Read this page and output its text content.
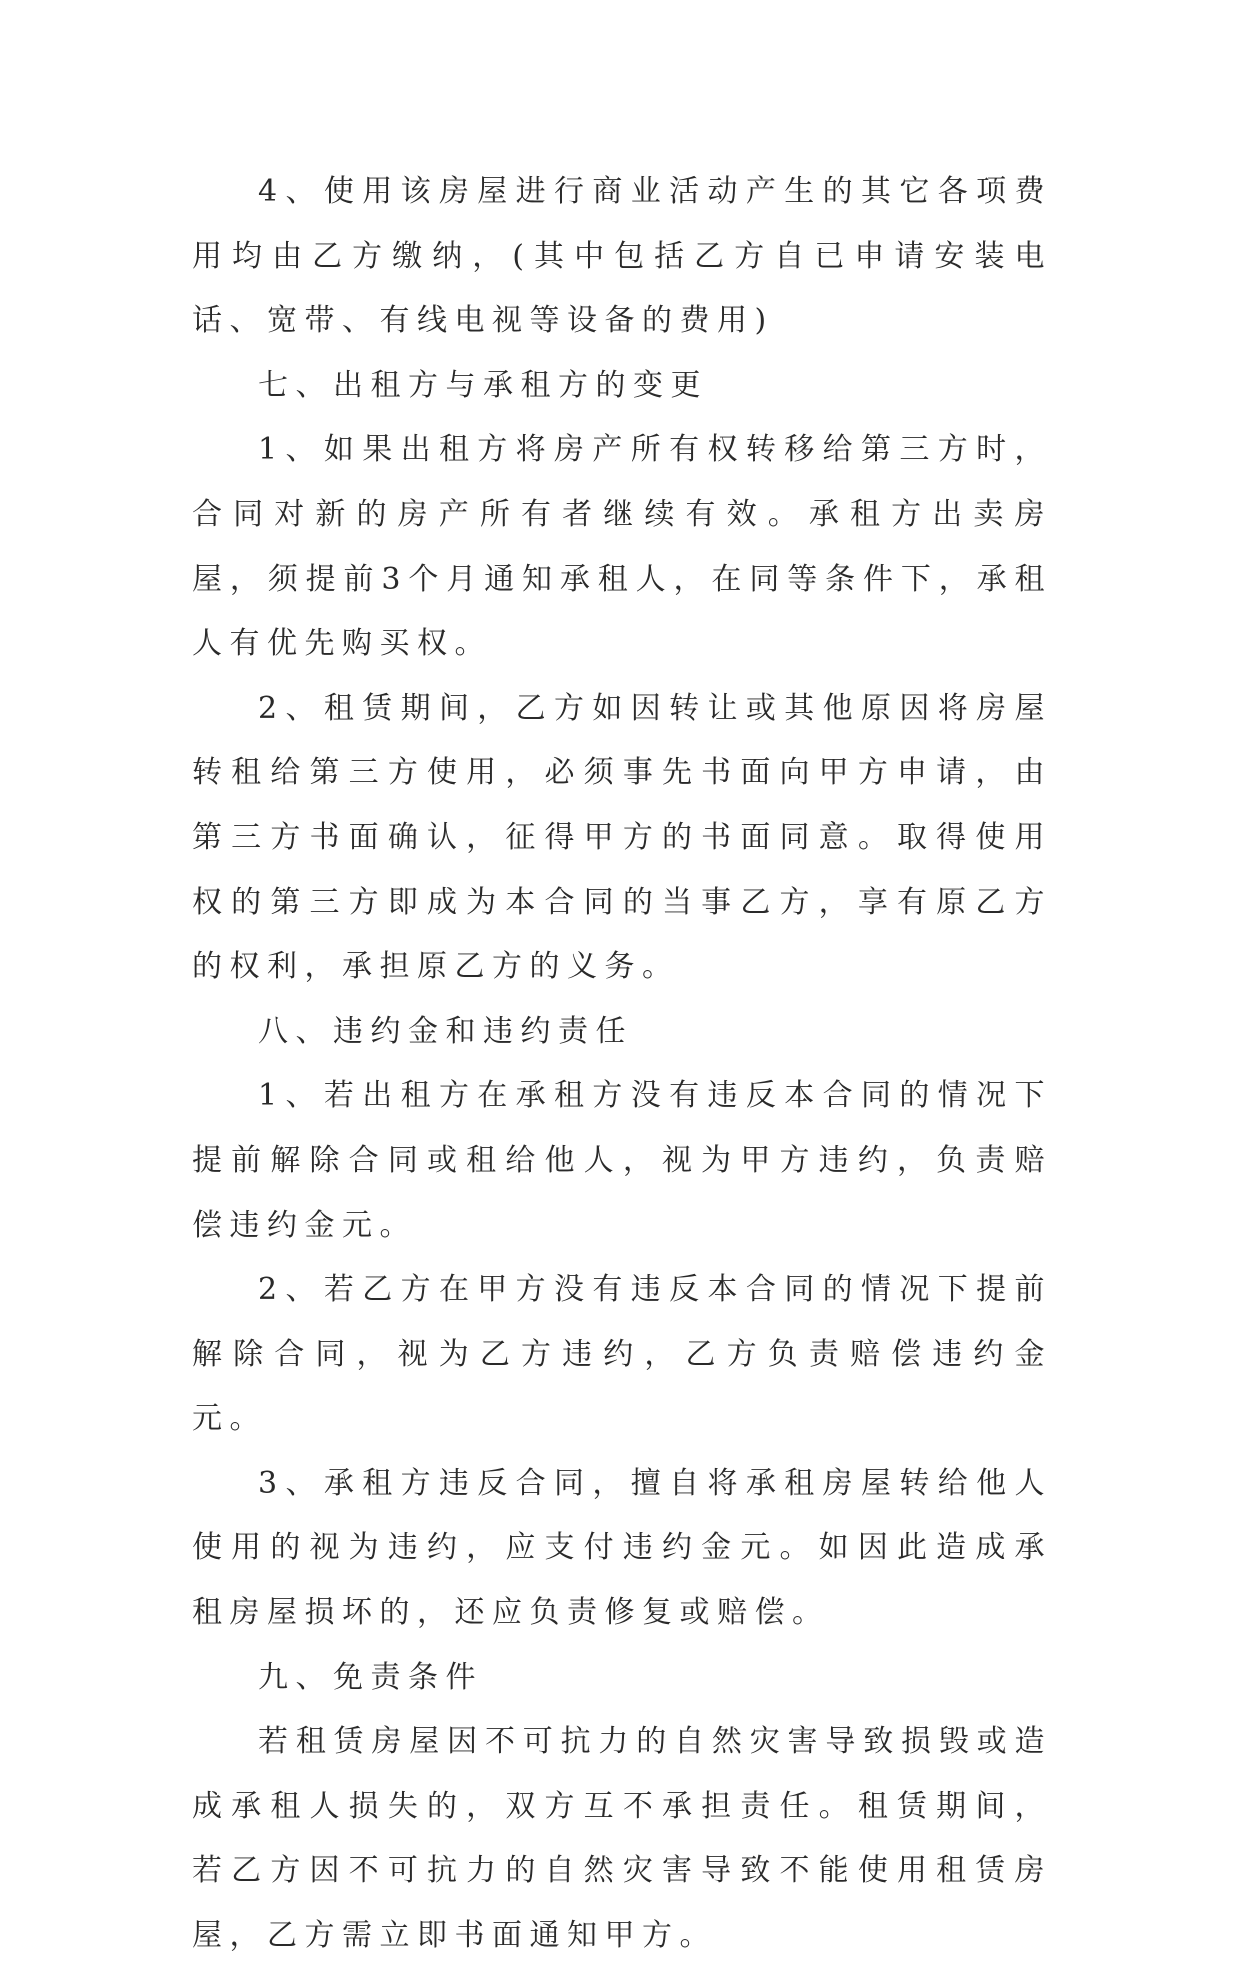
4、使用该房屋进行商业活动产生的其它各项费用均由乙方缴纳，(其中包括乙方自已申请安装电话、宽带、有线电视等设备的费用)

七、出租方与承租方的变更

1、如果出租方将房产所有权转移给第三方时，合同对新的房产所有者继续有效。承租方出卖房屋，须提前3个月通知承租人，在同等条件下，承租人有优先购买权。

2、租赁期间，乙方如因转让或其他原因将房屋转租给第三方使用，必须事先书面向甲方申请，由第三方书面确认，征得甲方的书面同意。取得使用权的第三方即成为本合同的当事乙方，享有原乙方的权利，承担原乙方的义务。

八、违约金和违约责任

1、若出租方在承租方没有违反本合同的情况下提前解除合同或租给他人，视为甲方违约，负责赔偿违约金元。

2、若乙方在甲方没有违反本合同的情况下提前解除合同，视为乙方违约，乙方负责赔偿违约金元。

3、承租方违反合同，擅自将承租房屋转给他人使用的视为违约，应支付违约金元。如因此造成承租房屋损坏的，还应负责修复或赔偿。

九、免责条件

若租赁房屋因不可抗力的自然灾害导致损毁或造成承租人损失的，双方互不承担责任。租赁期间，若乙方因不可抗力的自然灾害导致不能使用租赁房屋，乙方需立即书面通知甲方。
